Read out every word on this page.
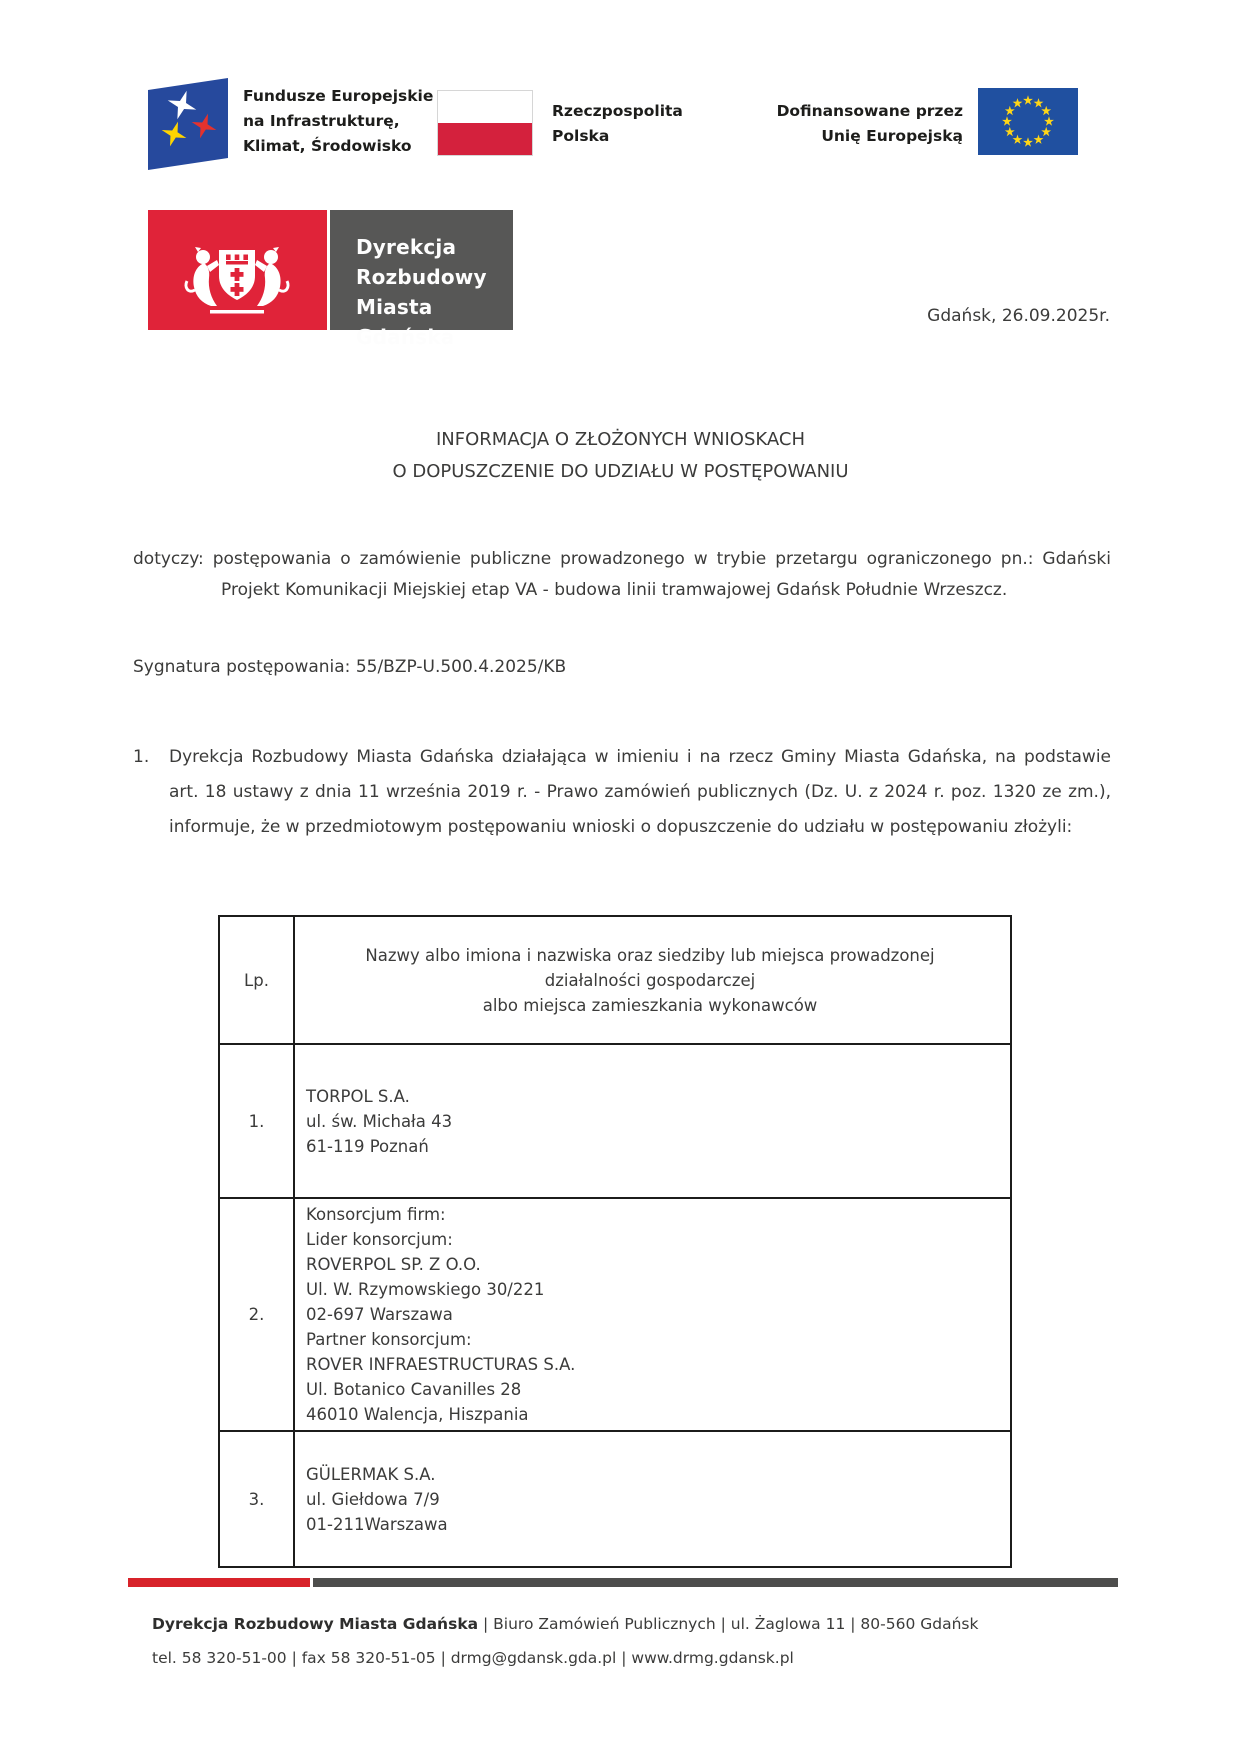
Fundusze Europejskie
na Infrastrukturę,
Klimat, Środowisko
Rzeczpospolita
Polska
Dofinansowane przez
Unię Europejską
Dyrekcja
Rozbudowy
Miasta Gdańska
Gdańsk, 26.09.2025r.
INFORMACJA O ZŁOŻONYCH WNIOSKACH
O DOPUSZCZENIE DO UDZIAŁU W POSTĘPOWANIU

dotyczy: postępowania o zamówienie publiczne prowadzonego w trybie przetargu ograniczonego pn.: Gdański Projekt Komunikacji Miejskiej etap VA - budowa linii tramwajowej Gdańsk Południe Wrzeszcz.

Sygnatura postępowania: 55/BZP-U.500.4.2025/KB
1.	Dyrekcja Rozbudowy Miasta Gdańska działająca w imieniu i na rzecz Gminy Miasta Gdańska, na podstawie art. 18 ustawy z dnia 11 września 2019 r. - Prawo zamówień publicznych (Dz. U. z 2024 r. poz. 1320 ze zm.), informuje, że w przedmiotowym postępowaniu wnioski o dopuszczenie do udziału w postępowaniu złożyli:
Lp.
Nazwy albo imiona i nazwiska oraz siedziby lub miejsca prowadzonej
działalności gospodarczej
albo miejsca zamieszkania wykonawców
1.
TORPOL S.A.
ul. św. Michała 43
61-119 Poznań
2.
Konsorcjum firm:
Lider konsorcjum:
ROVERPOL SP. Z O.O.
Ul. W. Rzymowskiego 30/221
02-697 Warszawa
Partner konsorcjum:
ROVER INFRAESTRUCTURAS S.A.
Ul. Botanico Cavanilles 28
46010 Walencja, Hiszpania
3.
GÜLERMAK S.A.
ul. Giełdowa 7/9
01-211Warszawa
Dyrekcja Rozbudowy Miasta Gdańska | Biuro Zamówień Publicznych | ul. Żaglowa 11 | 80-560 Gdańsk
tel. 58 320-51-00 | fax 58 320-51-05 | drmg@gdansk.gda.pl | www.drmg.gdansk.pl
